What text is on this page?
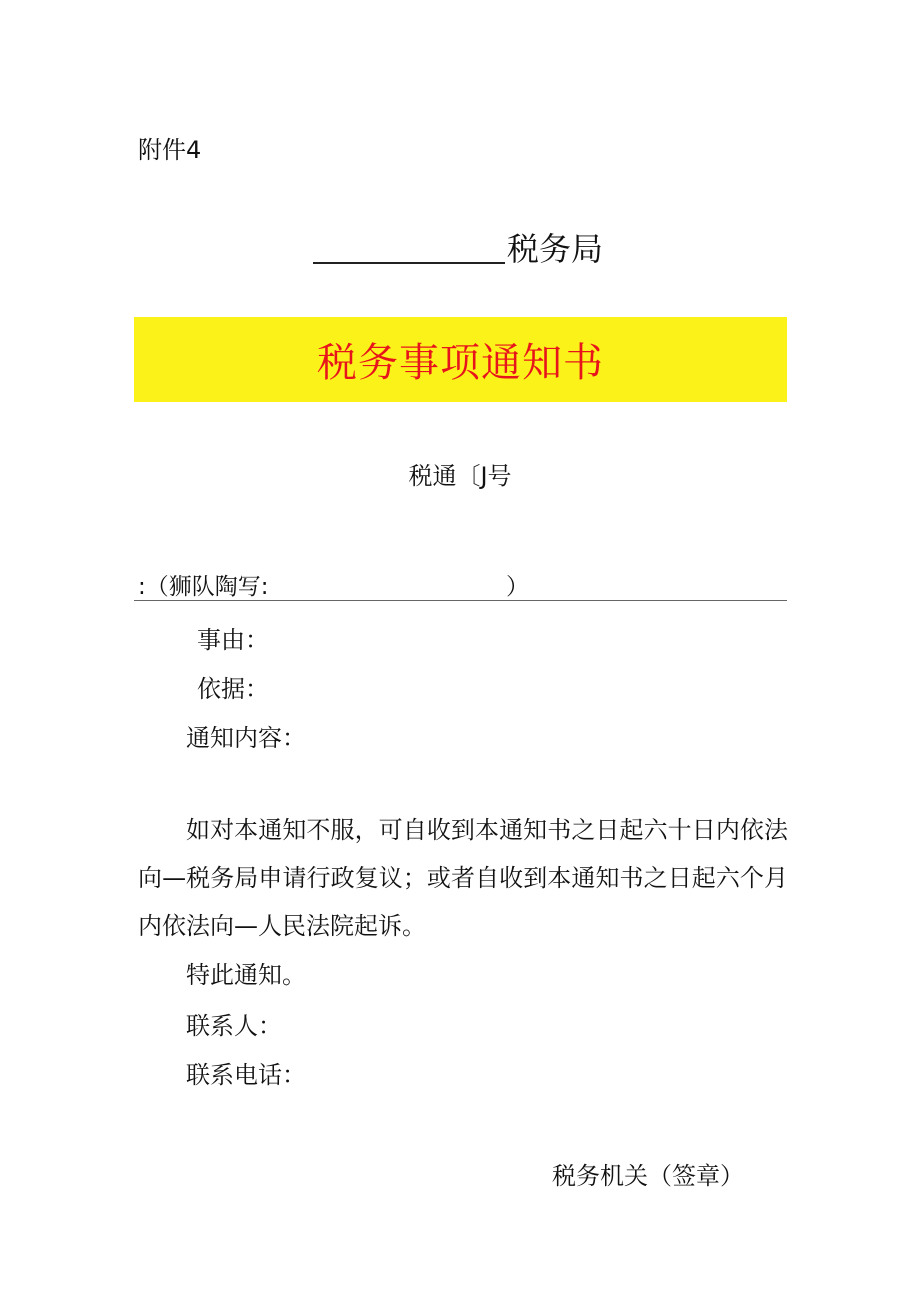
附件4
税务局
税务事项通知书
税通〔J号
:（狮队陶写:	）
事由：
依据：
通知内容：
如对本通知不服，可自收到本通知书之日起六十日内依法向—税务局申请行政复议；或者自收到本通知书之日起六个月内依法向—人民法院起诉。
特此通知。
联系人：
联系电话：
税务机关（签章）
